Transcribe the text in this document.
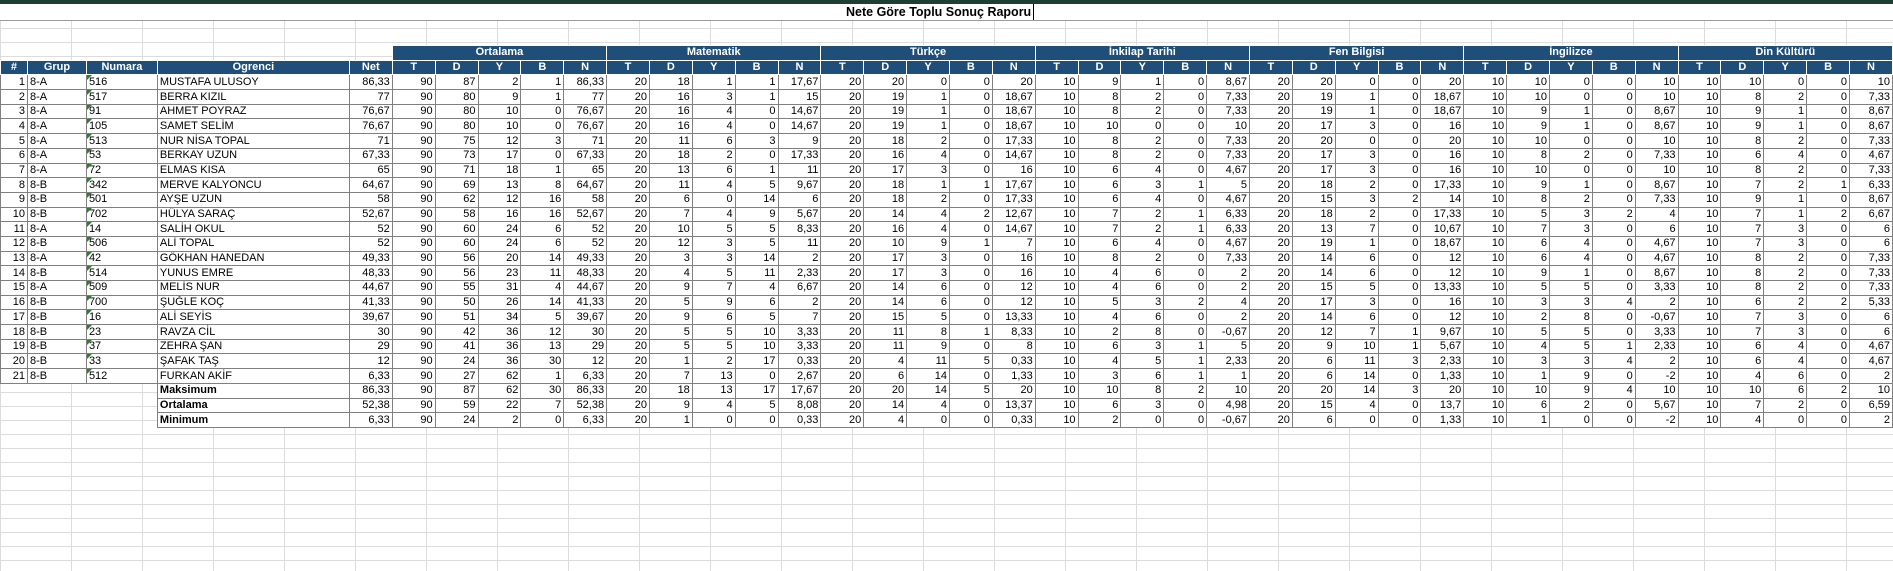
Nete Göre Toplu Sonuç Raporu
					Ortalama					Matematik					Türkçe					İnkilap Tarihi					Fen Bilgisi					İngilizce					Din Kültürü				
#	Grup	Numara	Ogrenci	Net	T	D	Y	B	N	T	D	Y	B	N	T	D	Y	B	N	T	D	Y	B	N	T	D	Y	B	N	T	D	Y	B	N	T	D	Y	B	N
1	8-A	516	MUSTAFA ULUSOY	86,33	90	87	2	1	86,33	20	18	1	1	17,67	20	20	0	0	20	10	9	1	0	8,67	20	20	0	0	20	10	10	0	0	10	10	10	0	0	10
2	8-A	517	BERRA KIZIL	77	90	80	9	1	77	20	16	3	1	15	20	19	1	0	18,67	10	8	2	0	7,33	20	19	1	0	18,67	10	10	0	0	10	10	8	2	0	7,33
3	8-A	91	AHMET POYRAZ	76,67	90	80	10	0	76,67	20	16	4	0	14,67	20	19	1	0	18,67	10	8	2	0	7,33	20	19	1	0	18,67	10	9	1	0	8,67	10	9	1	0	8,67
4	8-A	105	SAMET SELİM	76,67	90	80	10	0	76,67	20	16	4	0	14,67	20	19	1	0	18,67	10	10	0	0	10	20	17	3	0	16	10	9	1	0	8,67	10	9	1	0	8,67
5	8-A	513	NUR NİSA TOPAL	71	90	75	12	3	71	20	11	6	3	9	20	18	2	0	17,33	10	8	2	0	7,33	20	20	0	0	20	10	10	0	0	10	10	8	2	0	7,33
6	8-A	53	BERKAY UZUN	67,33	90	73	17	0	67,33	20	18	2	0	17,33	20	16	4	0	14,67	10	8	2	0	7,33	20	17	3	0	16	10	8	2	0	7,33	10	6	4	0	4,67
7	8-A	72	ELMAS KISA	65	90	71	18	1	65	20	13	6	1	11	20	17	3	0	16	10	6	4	0	4,67	20	17	3	0	16	10	10	0	0	10	10	8	2	0	7,33
8	8-B	342	MERVE KALYONCU	64,67	90	69	13	8	64,67	20	11	4	5	9,67	20	18	1	1	17,67	10	6	3	1	5	20	18	2	0	17,33	10	9	1	0	8,67	10	7	2	1	6,33
9	8-B	501	AYŞE UZUN	58	90	62	12	16	58	20	6	0	14	6	20	18	2	0	17,33	10	6	4	0	4,67	20	15	3	2	14	10	8	2	0	7,33	10	9	1	0	8,67
10	8-B	702	HÜLYA SARAÇ	52,67	90	58	16	16	52,67	20	7	4	9	5,67	20	14	4	2	12,67	10	7	2	1	6,33	20	18	2	0	17,33	10	5	3	2	4	10	7	1	2	6,67
11	8-A	14	SALİH OKUL	52	90	60	24	6	52	20	10	5	5	8,33	20	16	4	0	14,67	10	7	2	1	6,33	20	13	7	0	10,67	10	7	3	0	6	10	7	3	0	6
12	8-B	506	ALİ TOPAL	52	90	60	24	6	52	20	12	3	5	11	20	10	9	1	7	10	6	4	0	4,67	20	19	1	0	18,67	10	6	4	0	4,67	10	7	3	0	6
13	8-A	42	GÖKHAN HANEDAN	49,33	90	56	20	14	49,33	20	3	3	14	2	20	17	3	0	16	10	8	2	0	7,33	20	14	6	0	12	10	6	4	0	4,67	10	8	2	0	7,33
14	8-B	514	YUNUS EMRE	48,33	90	56	23	11	48,33	20	4	5	11	2,33	20	17	3	0	16	10	4	6	0	2	20	14	6	0	12	10	9	1	0	8,67	10	8	2	0	7,33
15	8-A	509	MELİS NUR	44,67	90	55	31	4	44,67	20	9	7	4	6,67	20	14	6	0	12	10	4	6	0	2	20	15	5	0	13,33	10	5	5	0	3,33	10	8	2	0	7,33
16	8-B	700	ŞUĞLE KOÇ	41,33	90	50	26	14	41,33	20	5	9	6	2	20	14	6	0	12	10	5	3	2	4	20	17	3	0	16	10	3	3	4	2	10	6	2	2	5,33
17	8-B	16	ALİ SEYİS	39,67	90	51	34	5	39,67	20	9	6	5	7	20	15	5	0	13,33	10	4	6	0	2	20	14	6	0	12	10	2	8	0	-0,67	10	7	3	0	6
18	8-B	23	RAVZA CİL	30	90	42	36	12	30	20	5	5	10	3,33	20	11	8	1	8,33	10	2	8	0	-0,67	20	12	7	1	9,67	10	5	5	0	3,33	10	7	3	0	6
19	8-B	37	ZEHRA ŞAN	29	90	41	36	13	29	20	5	5	10	3,33	20	11	9	0	8	10	6	3	1	5	20	9	10	1	5,67	10	4	5	1	2,33	10	6	4	0	4,67
20	8-B	33	ŞAFAK TAŞ	12	90	24	36	30	12	20	1	2	17	0,33	20	4	11	5	0,33	10	4	5	1	2,33	20	6	11	3	2,33	10	3	3	4	2	10	6	4	0	4,67
21	8-B	512	FURKAN AKİF	6,33	90	27	62	1	6,33	20	7	13	0	2,67	20	6	14	0	1,33	10	3	6	1	1	20	6	14	0	1,33	10	1	9	0	-2	10	4	6	0	2
			Maksimum	86,33	90	87	62	30	86,33	20	18	13	17	17,67	20	20	14	5	20	10	10	8	2	10	20	20	14	3	20	10	10	9	4	10	10	10	6	2	10
			Ortalama	52,38	90	59	22	7	52,38	20	9	4	5	8,08	20	14	4	0	13,37	10	6	3	0	4,98	20	15	4	0	13,7	10	6	2	0	5,67	10	7	2	0	6,59
			Minimum	6,33	90	24	2	0	6,33	20	1	0	0	0,33	20	4	0	0	0,33	10	2	0	0	-0,67	20	6	0	0	1,33	10	1	0	0	-2	10	4	0	0	2
